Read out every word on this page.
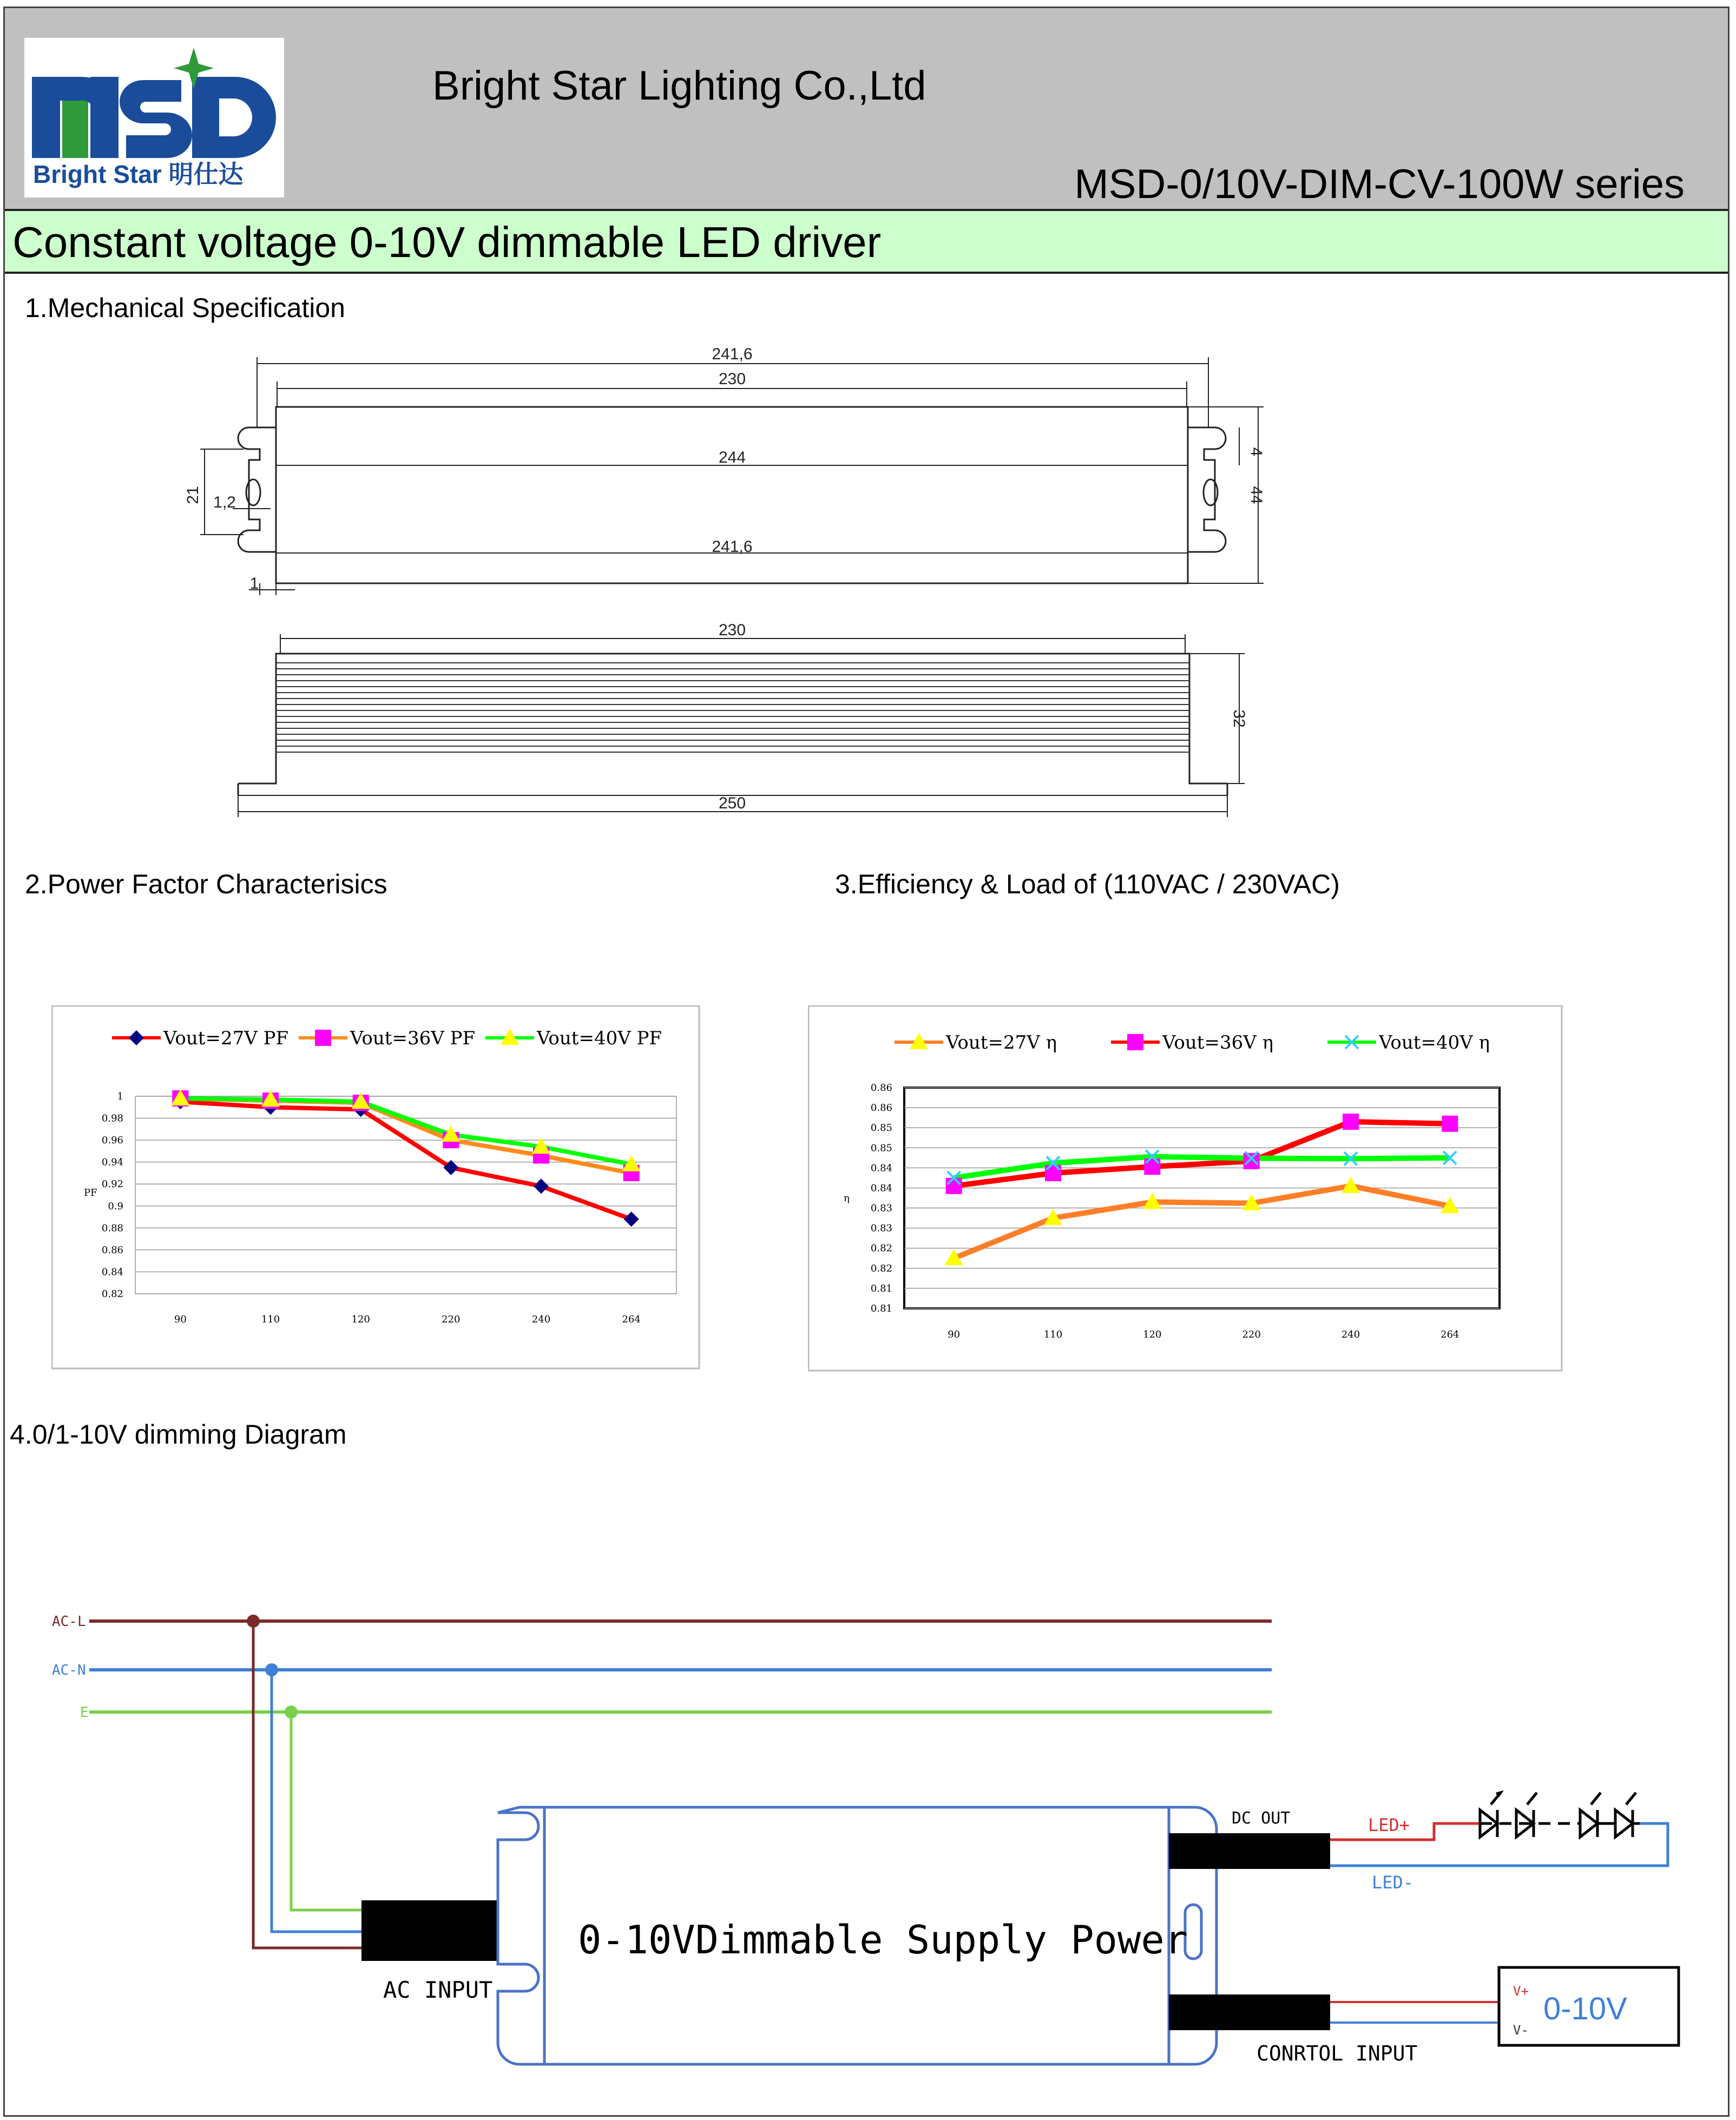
Bright Star 明仕达
Bright Star Lighting Co.,Ltd
MSD-0/10V-DIM-CV-100W series
Constant voltage 0-10V dimmable LED driver
1.Mechanical Specification
2.Power Factor Characterisics	3.Efficiency & Load of (110VAC / 230VAC)
4.0/1-10V dimming Diagram
241,6
230
244
241,6
21 1,2
1
4
44
230
32
250
Vout=27V PF	Vout=36V PF	Vout=40V PF
1
0.98
0.96
0.94
0.92
0.9
0.88
0.86
0.84
0.82
90	110	120	220	240	264
PF
Vout=27V η	Vout=36V η	Vout=40V η
0.86
0.86
0.85
0.85
0.84
0.84
0.83
0.83
0.82
0.82
0.81
0.81
90	110	120	220	240	264
η
AC-L
AC-N
E
AC INPUT
0-10VDimmable Supply Power
DC OUT	LED+
LED-
CONRTOL INPUT
V+
V-
0-10V
